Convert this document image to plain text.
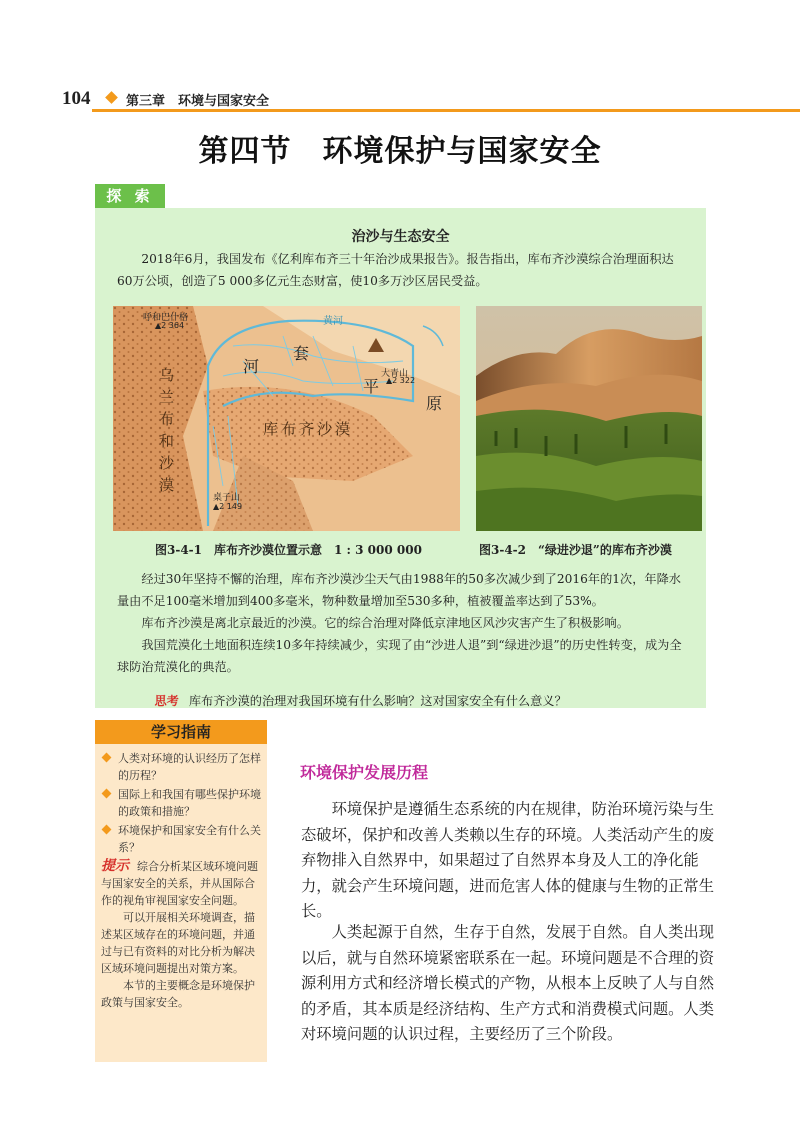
104	第三章　环境与国家安全
第四节　环境保护与国家安全
探 索
治沙与生态安全

2018年6月，我国发布《亿利库布齐三十年治沙成果报告》。报告指出，库布齐沙漠综合治理面积达60万公顷，创造了5 000多亿元生态财富，使10多万沙区居民受益。

呼和巴什格
▲2 364
河
套
平
原
大青山
▲2 322
库布齐沙漠
乌兰布和沙漠
桌子山
▲2 149
黄河
图3-4-1　库布齐沙漠位置示意　1 : 3 000 000	图3-4-2　“绿进沙退”的库布齐沙漠

经过30年坚持不懈的治理，库布齐沙漠沙尘天气由1988年的50多次减少到了2016年的1次，年降水量由不足100毫米增加到400多毫米，物种数量增加至530多种，植被覆盖率达到了53%。

库布齐沙漠是离北京最近的沙漠。它的综合治理对降低京津地区风沙灾害产生了积极影响。

我国荒漠化土地面积连续10多年持续减少，实现了由“沙进人退”到“绿进沙退”的历史性转变，成为全球防治荒漠化的典范。

思考 库布齐沙漠的治理对我国环境有什么影响？这对国家安全有什么意义？

学习指南
人类对环境的认识经历了怎样的历程？
国际上和我国有哪些保护环境的政策和措施？
环境保护和国家安全有什么关系？

提示 综合分析某区域环境问题与国家安全的关系，并从国际合作的视角审视国家安全问题。

可以开展相关环境调查，描述某区域存在的环境问题，并通过与已有资料的对比分析为解决区域环境问题提出对策方案。

本节的主要概念是环境保护政策与国家安全。

环境保护发展历程

环境保护是遵循生态系统的内在规律，防治环境污染与生态破坏，保护和改善人类赖以生存的环境。人类活动产生的废弃物排入自然界中，如果超过了自然界本身及人工的净化能力，就会产生环境问题，进而危害人体的健康与生物的正常生长。

人类起源于自然，生存于自然，发展于自然。自人类出现以后，就与自然环境紧密联系在一起。环境问题是不合理的资源利用方式和经济增长模式的产物，从根本上反映了人与自然的矛盾，其本质是经济结构、生产方式和消费模式问题。人类对环境问题的认识过程，主要经历了三个阶段。
